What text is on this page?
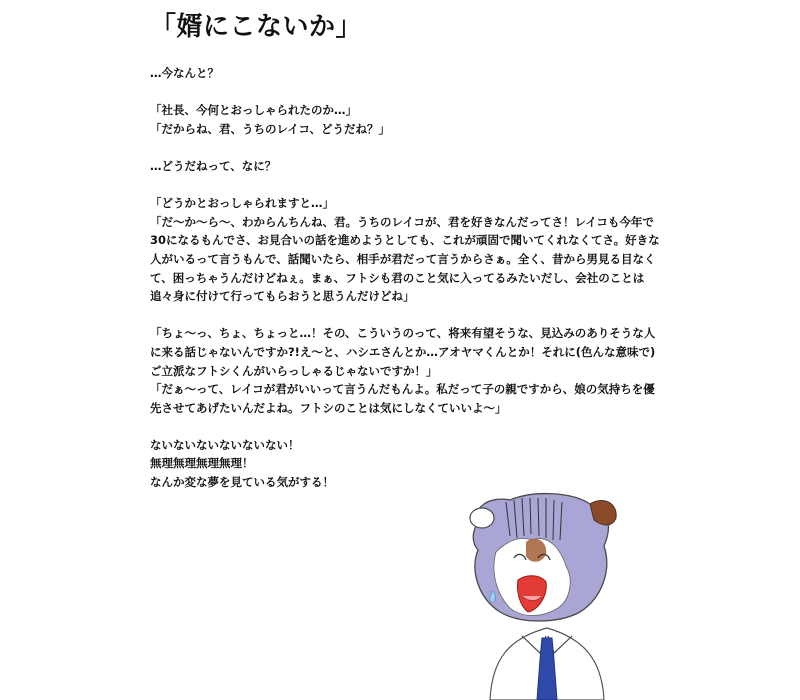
「婿にこないか」

…今なんと？

「社長、今何とおっしゃられたのか…」

「だからね、君、うちのレイコ、どうだね？」

…どうだねって、なに？

「どうかとおっしゃられますと…」

「だ〜か〜ら〜、わからんちんね、君。うちのレイコが、君を好きなんだってさ！レイコも今年で30になるもんでさ、お見合いの話を進めようとしても、これが頑固で聞いてくれなくてさ。好きな人がいるって言うもんで、話聞いたら、相手が君だって言うからさぁ。全く、昔から男見る目なくて、困っちゃうんだけどねぇ。まぁ、フトシも君のこと気に入ってるみたいだし、会社のことは追々身に付けて行ってもらおうと思うんだけどね」

「ちょ〜っ、ちょ、ちょっと…！その、こういうのって、将来有望そうな、見込みのありそうな人に来る話じゃないんですか?!え〜と、ハシエさんとか…アオヤマくんとか！それに(色んな意味で)ご立派なフトシくんがいらっしゃるじゃないですか！」

「だぁ〜って、レイコが君がいいって言うんだもんよ。私だって子の親ですから、娘の気持ちを優先させてあげたいんだよね。フトシのことは気にしなくていいよ〜」

ないないないないないない！

無理無理無理無理！

なんか変な夢を見ている気がする！
